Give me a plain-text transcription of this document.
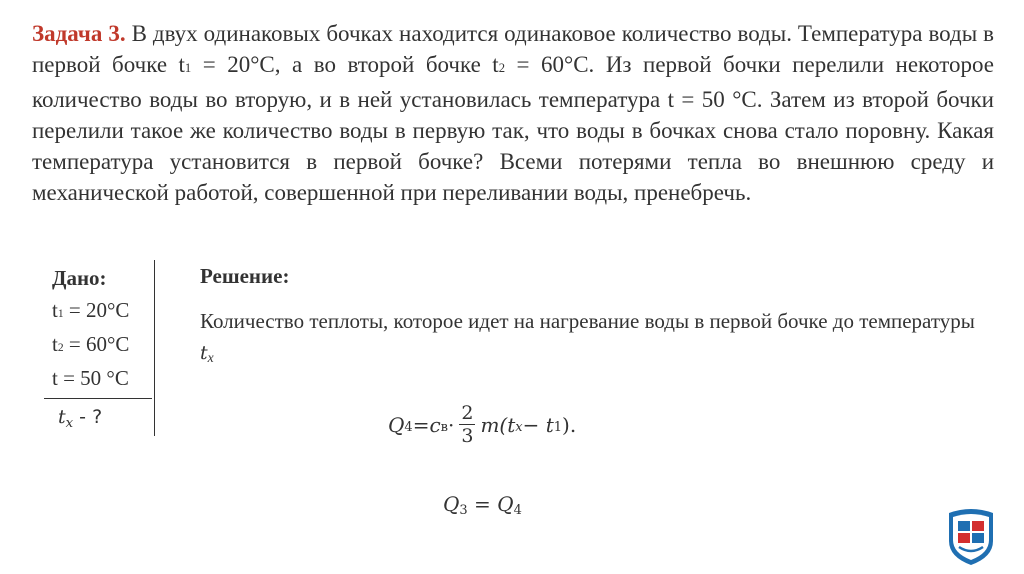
Задача 3. В двух одинаковых бочках находится одинаковое количество воды. Температура воды в первой бочке t1 = 20°С, а во второй бочке t2 = 60°С. Из первой бочки перелили некоторое количество воды во вторую, и в ней установилась температура t = 50 °С. Затем из второй бочки перелили такое же количество воды в первую так, что воды в бочках снова стало поровну. Какая температура установится в первой бочке? Всеми потерями тепла во внешнюю среду и механической работой, совершенной при переливании воды, пренебречь.

Дано:
t1 = 20°C
t2 = 60°C
t = 50 °C
$t_x$ - ?
Решение:

Количество теплоты, которое идет на нагревание воды в первой бочке до температуры tx

Q 4 = c $в \cdot \frac{2}{3} m(t$ x − t 1 ).
Q3 = Q4
